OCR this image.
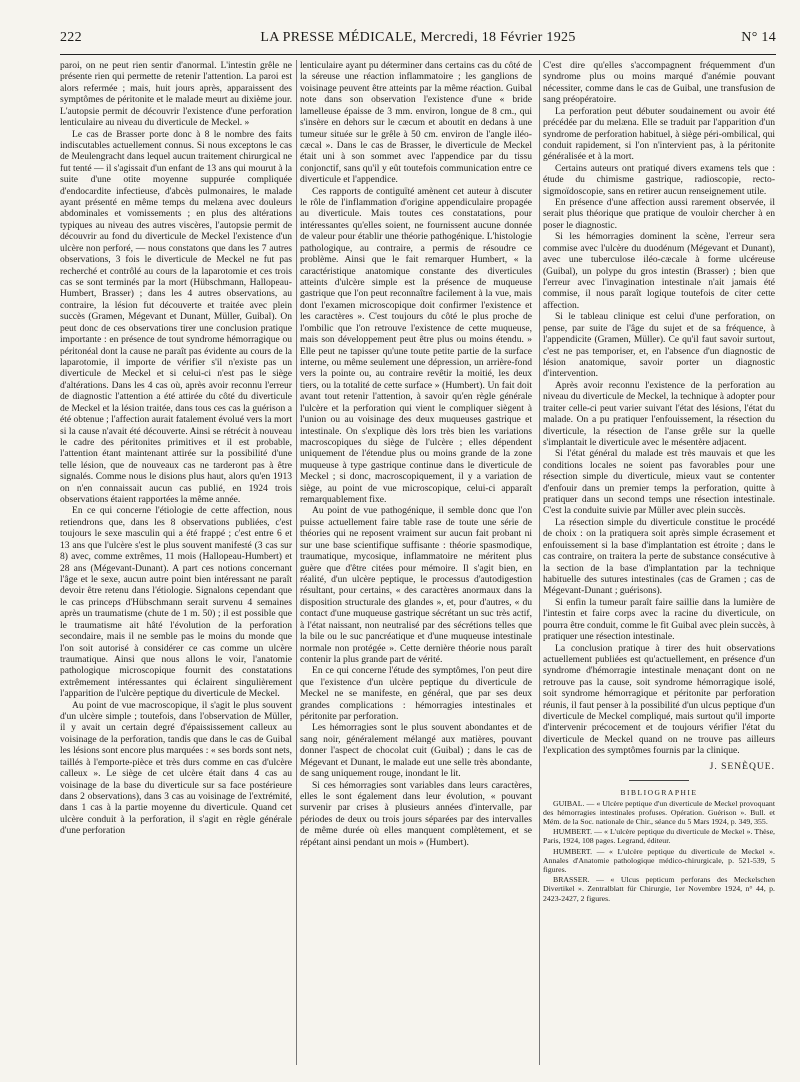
222	LA PRESSE MÉDICALE, Mercredi, 18 Février 1925	N° 14

paroi, on ne peut rien sentir d'anormal. L'intestin grêle ne présente rien qui permette de retenir l'attention. La paroi est alors refermée ; mais, huit jours après, apparaissent des symptômes de péritonite et le malade meurt au dixième jour. L'autopsie permit de découvrir l'existence d'une perforation lenticulaire au niveau du diverticule de Meckel. »

Le cas de Brasser porte donc à 8 le nombre des faits indiscutables actuellement connus. Si nous exceptons le cas de Meulengracht dans lequel aucun traitement chirurgical ne fut tenté — il s'agissait d'un enfant de 13 ans qui mourut à la suite d'une otite moyenne suppurée compliquée d'endocardite infectieuse, d'abcès pulmonaires, le malade ayant présenté en même temps du melæna avec douleurs abdominales et vomissements ; en plus des altérations typiques au niveau des autres viscères, l'autopsie permit de découvrir au fond du diverticule de Meckel l'existence d'un ulcère non perforé, — nous constatons que dans les 7 autres observations, 3 fois le diverticule de Meckel ne fut pas recherché et contrôlé au cours de la laparotomie et ces trois cas se sont terminés par la mort (Hübschmann, Hallopeau-Humbert, Brasser) ; dans les 4 autres observations, au contraire, la lésion fut découverte et traitée avec plein succès (Gramen, Mégevant et Dunant, Müller, Guibal). On peut donc de ces observations tirer une conclusion pratique importante : en présence de tout syndrome hémorragique ou péritonéal dont la cause ne paraît pas évidente au cours de la laparotomie, il importe de vérifier s'il n'existe pas un diverticule de Meckel et si celui-ci n'est pas le siège d'altérations. Dans les 4 cas où, après avoir reconnu l'erreur de diagnostic l'attention a été attirée du côté du diverticule de Meckel et la lésion traitée, dans tous ces cas la guérison a été obtenue ; l'affection aurait fatalement évolué vers la mort si la cause n'avait été découverte. Ainsi se rétrécit à nouveau le cadre des péritonites primitives et il est probable, l'attention étant maintenant attirée sur la possibilité d'une telle lésion, que de nouveaux cas ne tarderont pas à être signalés. Comme nous le disions plus haut, alors qu'en 1913 on n'en connaissait aucun cas publié, en 1924 trois observations étaient rapportées la même année.

En ce qui concerne l'étiologie de cette affection, nous retiendrons que, dans les 8 observations publiées, c'est toujours le sexe masculin qui a été frappé ; c'est entre 6 et 13 ans que l'ulcère s'est le plus souvent manifesté (3 cas sur 8) avec, comme extrêmes, 11 mois (Hallopeau-Humbert) et 28 ans (Mégevant-Dunant). A part ces notions concernant l'âge et le sexe, aucun autre point bien intéressant ne paraît devoir être retenu dans l'étiologie. Signalons cependant que le cas princeps d'Hübschmann serait survenu 4 semaines après un traumatisme (chute de 1 m. 50) ; il est possible que le traumatisme ait hâté l'évolution de la perforation secondaire, mais il ne semble pas le moins du monde que l'on soit autorisé à considérer ce cas comme un ulcère traumatique. Ainsi que nous allons le voir, l'anatomie pathologique microscopique fournit des constatations extrêmement intéressantes qui éclairent singulièrement l'apparition de l'ulcère peptique du diverticule de Meckel.

Au point de vue macroscopique, il s'agit le plus souvent d'un ulcère simple ; toutefois, dans l'observation de Müller, il y avait un certain degré d'épaississement calleux au voisinage de la perforation, tandis que dans le cas de Guibal les lésions sont encore plus marquées : « ses bords sont nets, taillés à l'emporte-pièce et très durs comme en cas d'ulcère calleux ». Le siège de cet ulcère était dans 4 cas au voisinage de la base du diverticule sur sa face postérieure dans 2 observations), dans 3 cas au voisinage de l'extrémité, dans 1 cas à la partie moyenne du diverticule. Quand cet ulcère conduit à la perforation, il s'agit en règle générale d'une perforation

lenticulaire ayant pu déterminer dans certains cas du côté de la séreuse une réaction inflammatoire ; les ganglions de voisinage peuvent être atteints par la même réaction. Guibal note dans son observation l'existence d'une « bride lamelleuse épaisse de 3 mm. environ, longue de 8 cm., qui s'insère en dehors sur le cæcum et aboutit en dedans à une tumeur située sur le grêle à 50 cm. environ de l'angle iléo-cæcal ». Dans le cas de Brasser, le diverticule de Meckel était uni à son sommet avec l'appendice par du tissu conjonctif, sans qu'il y eût toutefois communication entre ce diverticule et l'appendice.

Ces rapports de contiguïté amènent cet auteur à discuter le rôle de l'inflammation d'origine appendiculaire propagée au diverticule. Mais toutes ces constatations, pour intéressantes qu'elles soient, ne fournissent aucune donnée de valeur pour établir une théorie pathogénique. L'histologie pathologique, au contraire, a permis de résoudre ce problème. Ainsi que le fait remarquer Humbert, « la caractéristique anatomique constante des diverticules atteints d'ulcère simple est la présence de muqueuse gastrique que l'on peut reconnaître facilement à la vue, mais dont l'examen microscopique doit confirmer l'existence et les caractères ». C'est toujours du côté le plus proche de l'ombilic que l'on retrouve l'existence de cette muqueuse, mais son développement peut être plus ou moins étendu. » Elle peut ne tapisser qu'une toute petite partie de la surface interne, ou même seulement une dépression, un arrière-fond vers la pointe ou, au contraire revêtir la moitié, les deux tiers, ou la totalité de cette surface » (Humbert). Un fait doit avant tout retenir l'attention, à savoir qu'en règle générale l'ulcère et la perforation qui vient le compliquer siègent à l'union ou au voisinage des deux muqueuses gastrique et intestinale. On s'explique dès lors très bien les variations macroscopiques du siège de l'ulcère ; elles dépendent uniquement de l'étendue plus ou moins grande de la zone muqueuse à type gastrique continue dans le diverticule de Meckel ; si donc, macroscopiquement, il y a variation de siège, au point de vue microscopique, celui-ci apparaît remarquablement fixe.

Au point de vue pathogénique, il semble donc que l'on puisse actuellement faire table rase de toute une série de théories qui ne reposent vraiment sur aucun fait probant ni sur une base scientifique suffisante : théorie spasmodique, traumatique, mycosique, inflammatoire ne méritent plus guère que d'être citées pour mémoire. Il s'agit bien, en réalité, d'un ulcère peptique, le processus d'autodigestion résultant, pour certains, « des caractères anormaux dans la disposition structurale des glandes », et, pour d'autres, « du contact d'une muqueuse gastrique sécrétant un suc très actif, à l'état naissant, non neutralisé par des sécrétions telles que la bile ou le suc pancréatique et d'une muqueuse intestinale normale non protégée ». Cette dernière théorie nous paraît contenir la plus grande part de vérité.

En ce qui concerne l'étude des symptômes, l'on peut dire que l'existence d'un ulcère peptique du diverticule de Meckel ne se manifeste, en général, que par ses deux grandes complications : hémorragies intestinales et péritonite par perforation.

Les hémorragies sont le plus souvent abondantes et de sang noir, généralement mélangé aux matières, pouvant donner l'aspect de chocolat cuit (Guibal) ; dans le cas de Mégevant et Dunant, le malade eut une selle très abondante, de sang uniquement rouge, inondant le lit.

Si ces hémorragies sont variables dans leurs caractères, elles le sont également dans leur évolution, « pouvant survenir par crises à plusieurs années d'intervalle, par périodes de deux ou trois jours séparées par des intervalles de même durée où elles manquent complètement, et se répétant ainsi pendant un mois » (Humbert).

C'est dire qu'elles s'accompagnent fréquemment d'un syndrome plus ou moins marqué d'anémie pouvant nécessiter, comme dans le cas de Guibal, une transfusion de sang préopératoire.

La perforation peut débuter soudainement ou avoir été précédée par du melæna. Elle se traduit par l'apparition d'un syndrome de perforation habituel, à siège péri-ombilical, qui conduit rapidement, si l'on n'intervient pas, à la péritonite généralisée et à la mort.

Certains auteurs ont pratiqué divers examens tels que : étude du chimisme gastrique, radioscopie, recto-sigmoïdoscopie, sans en retirer aucun renseignement utile.

En présence d'une affection aussi rarement observée, il serait plus théorique que pratique de vouloir chercher à en poser le diagnostic.

Si les hémorragies dominent la scène, l'erreur sera commise avec l'ulcère du duodénum (Mégevant et Dunant), avec une tuberculose iléo-cæcale à forme ulcéreuse (Guibal), un polype du gros intestin (Brasser) ; bien que l'erreur avec l'invagination intestinale n'ait jamais été commise, il nous paraît logique toutefois de citer cette affection.

Si le tableau clinique est celui d'une perforation, on pense, par suite de l'âge du sujet et de sa fréquence, à l'appendicite (Gramen, Müller). Ce qu'il faut savoir surtout, c'est ne pas temporiser, et, en l'absence d'un diagnostic de lésion anatomique, savoir porter un diagnostic d'intervention.

Après avoir reconnu l'existence de la perforation au niveau du diverticule de Meckel, la technique à adopter pour traiter celle-ci peut varier suivant l'état des lésions, l'état du malade. On a pu pratiquer l'enfouissement, la résection du diverticule, la résection de l'anse grêle sur la quelle s'implantait le diverticule avec le mésentère adjacent.

Si l'état général du malade est très mauvais et que les conditions locales ne soient pas favorables pour une résection simple du diverticule, mieux vaut se contenter d'enfouir dans un premier temps la perforation, quitte à pratiquer dans un second temps une résection intestinale. C'est la conduite suivie par Müller avec plein succès.

La résection simple du diverticule constitue le procédé de choix : on la pratiquera soit après simple écrasement et enfouissement si la base d'implantation est étroite ; dans le cas contraire, on traitera la perte de substance consécutive à la section de la base d'implantation par la technique habituelle des sutures intestinales (cas de Gramen ; cas de Mégevant-Dunant ; guérisons).

Si enfin la tumeur paraît faire saillie dans la lumière de l'intestin et faire corps avec la racine du diverticule, on pourra être conduit, comme le fit Guibal avec plein succès, à pratiquer une résection intestinale.

La conclusion pratique à tirer des huit observations actuellement publiées est qu'actuellement, en présence d'un syndrome d'hémorragie intestinale menaçant dont on ne retrouve pas la cause, soit syndrome hémorragique isolé, soit syndrome hémorragique et péritonite par perforation réunis, il faut penser à la possibilité d'un ulcus peptique d'un diverticule de Meckel compliqué, mais surtout qu'il importe d'intervenir précocement et de toujours vérifier l'état du diverticule de Meckel quand on ne trouve pas ailleurs l'explication des symptômes fournis par la clinique.

J. SENÈQUE.

BIBLIOGRAPHIE

GUIBAL. — « Ulcère peptique d'un diverticule de Meckel provoquant des hémorragies intestinales profuses. Opération. Guérison ». Bull. et Mém. de la Soc. nationale de Chir., séance du 5 Mars 1924, p. 349, 355.

HUMBERT. — « L'ulcère peptique du diverticule de Meckel ». Thèse, Paris, 1924, 108 pages. Legrand, éditeur.

HUMBERT. — « L'ulcère peptique du diverticule de Meckel ». Annales d'Anatomie pathologique médico-chirurgicale, p. 521-539, 5 figures.

BRASSER. — « Ulcus pepticum perforans des Meckelschen Divertikel ». Zentralblatt für Chirurgie, 1er Novembre 1924, n° 44, p. 2423-2427, 2 figures.
